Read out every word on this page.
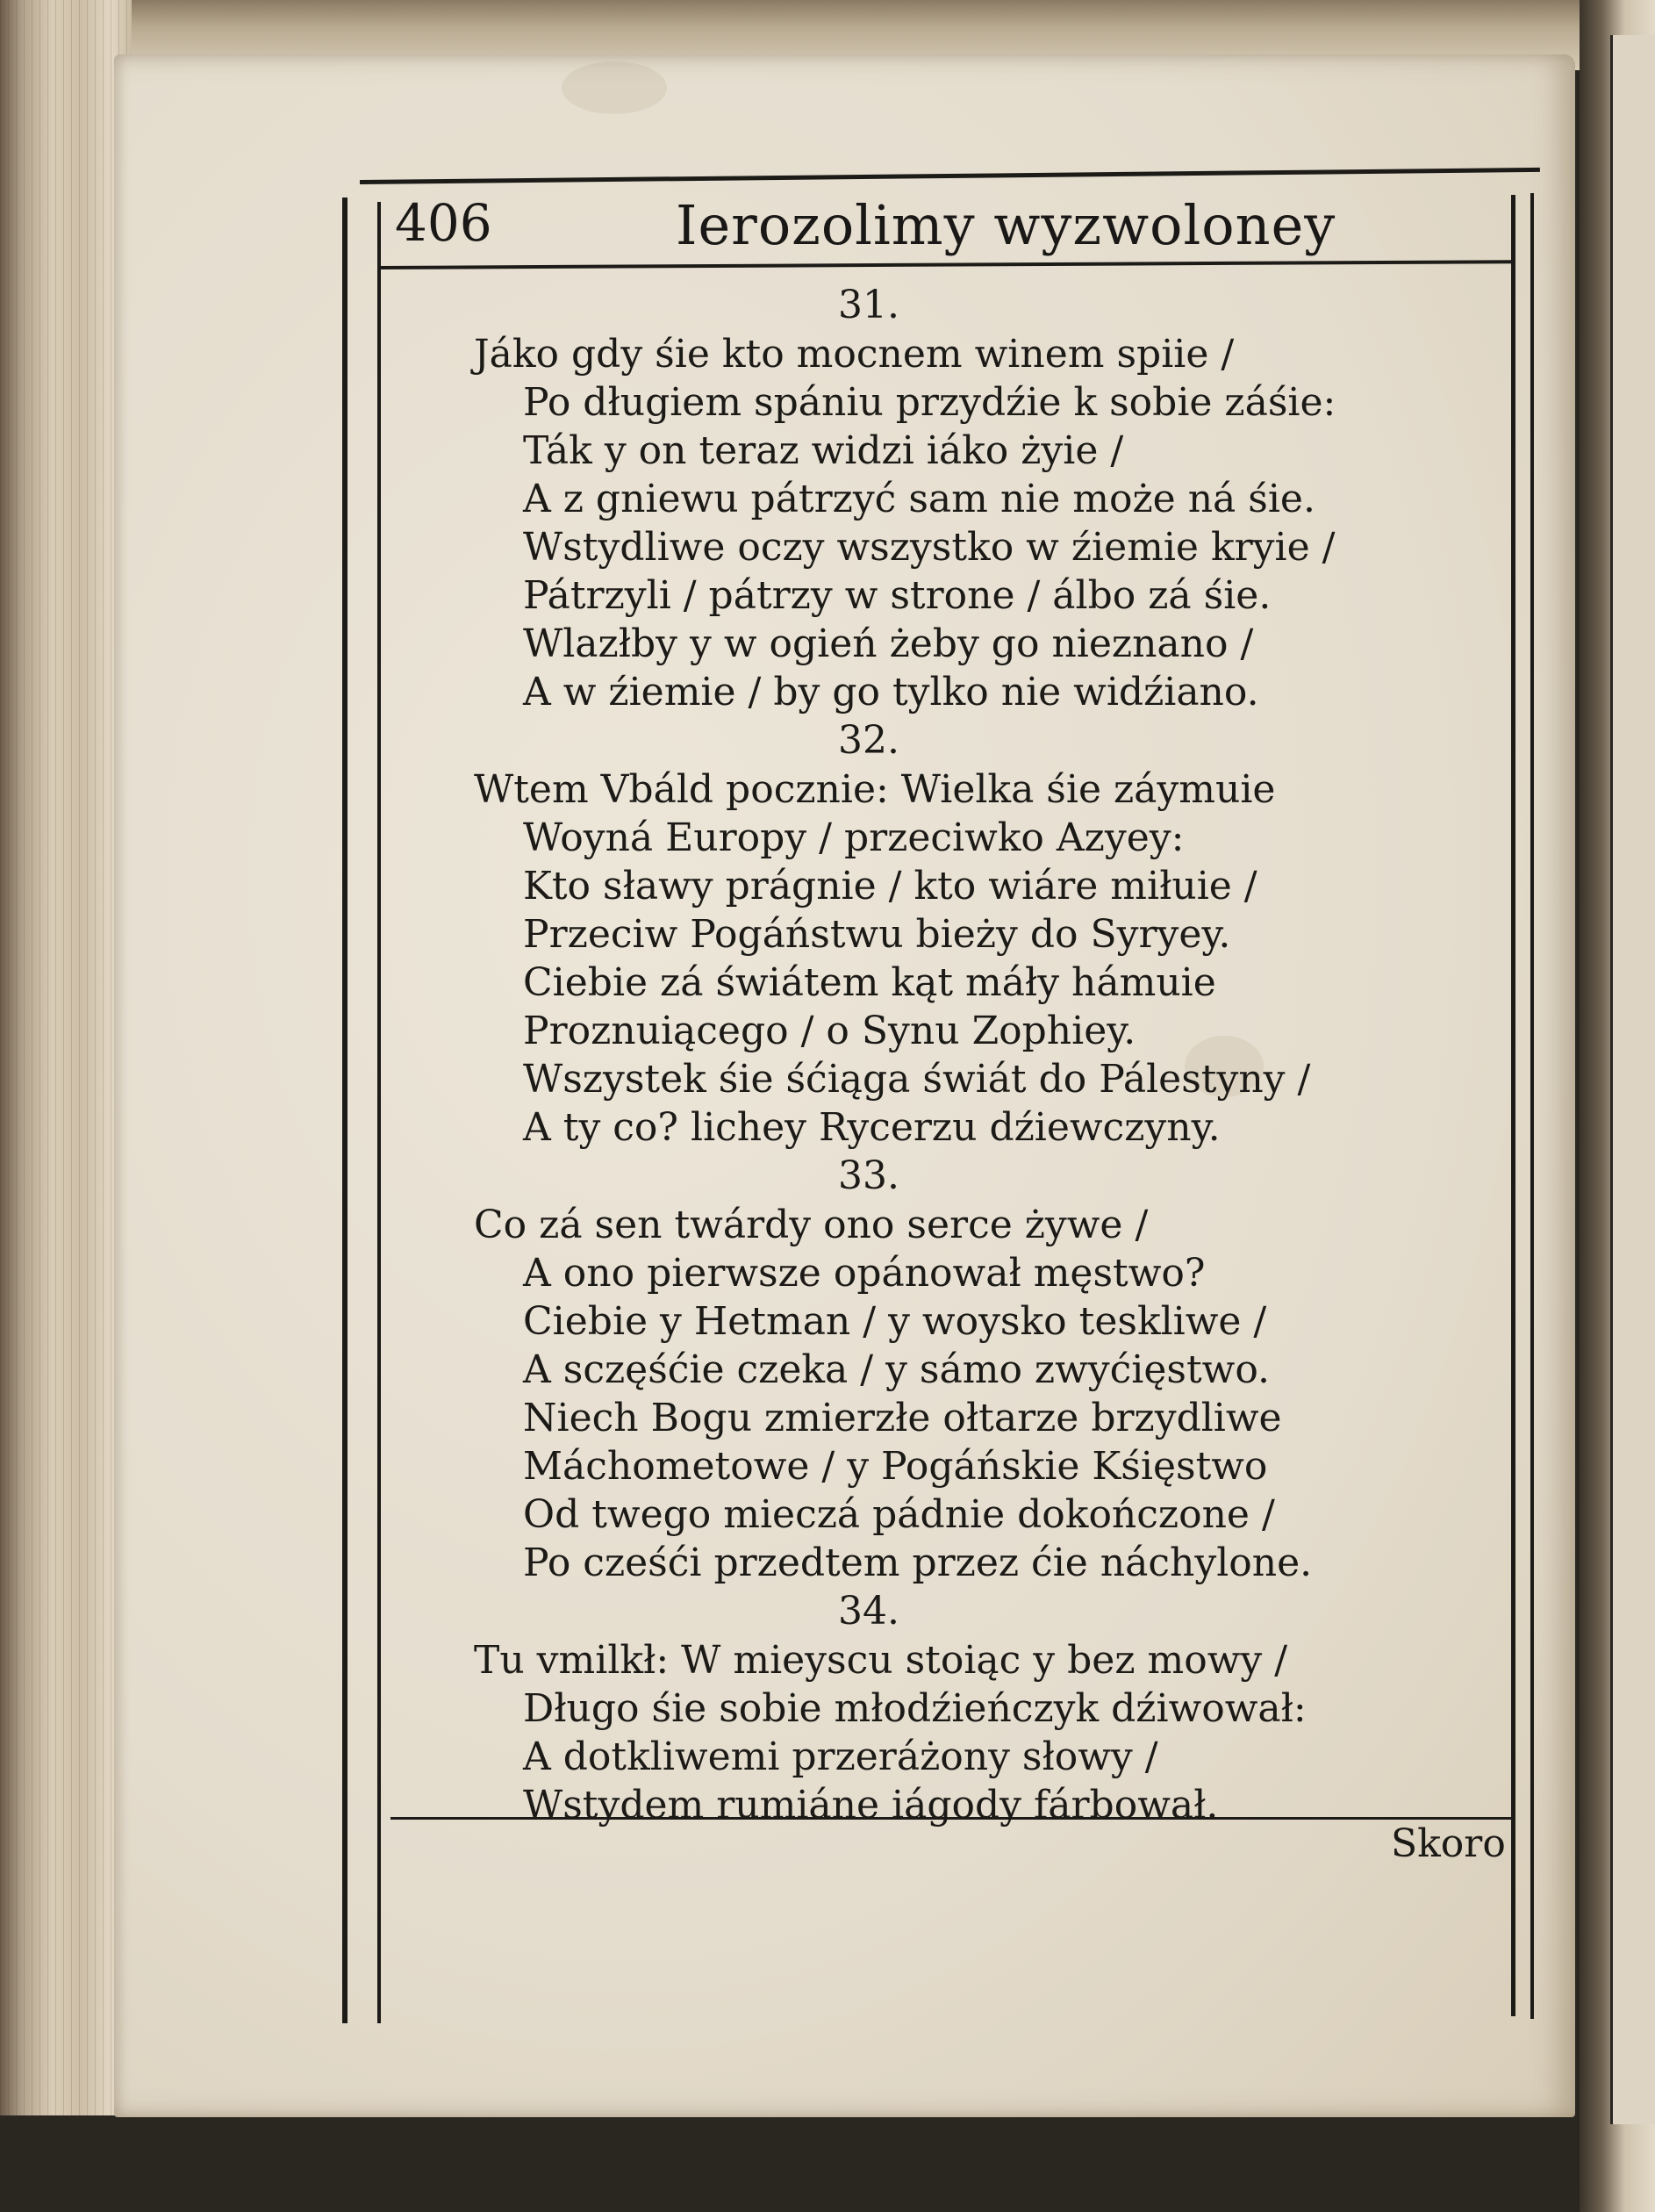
406	Ierozolimy wyzwoloney
31.
Jáko gdy śie kto mocnem winem spiie /
Po długiem spániu przydźie k sobie záśie:
Ták y on teraz widzi iáko żyie /
A z gniewu pátrzyć sam nie może ná śie.
Wstydliwe oczy wszystko w źiemie kryie /
Pátrzyli / pátrzy w strone / álbo zá śie.
Wlazłby y w ogień żeby go nieznano /
A w źiemie / by go tylko nie widźiano.
32.
Wtem Vbáld pocznie: Wielka śie záymuie
Woyná Europy / przeciwko Azyey:
Kto sławy prágnie / kto wiáre miłuie /
Przeciw Pogáństwu bieży do Syryey.
Ciebie zá świátem kąt máły hámuie
Proznuiącego / o Synu Zophiey.
Wszystek śie śćiąga świát do Pálestyny /
A ty co? lichey Rycerzu dźiewczyny.
33.
Co zá sen twárdy ono serce żywe /
A ono pierwsze opánował męstwo?
Ciebie y Hetman / y woysko teskliwe /
A sczęśćie czeka / y sámo zwyćięstwo.
Niech Bogu zmierzłe ołtarze brzydliwe
Máchometowe / y Pogáńskie Kśięstwo
Od twego mieczá pádnie dokończone /
Po cześći przedtem przez ćie náchylone.
34.
Tu vmilkł: W mieyscu stoiąc y bez mowy /
Długo śie sobie młodźieńczyk dźiwował:
A dotkliwemi przeráżony słowy /
Wstydem rumiáne iágody fárbował.
Skoro
